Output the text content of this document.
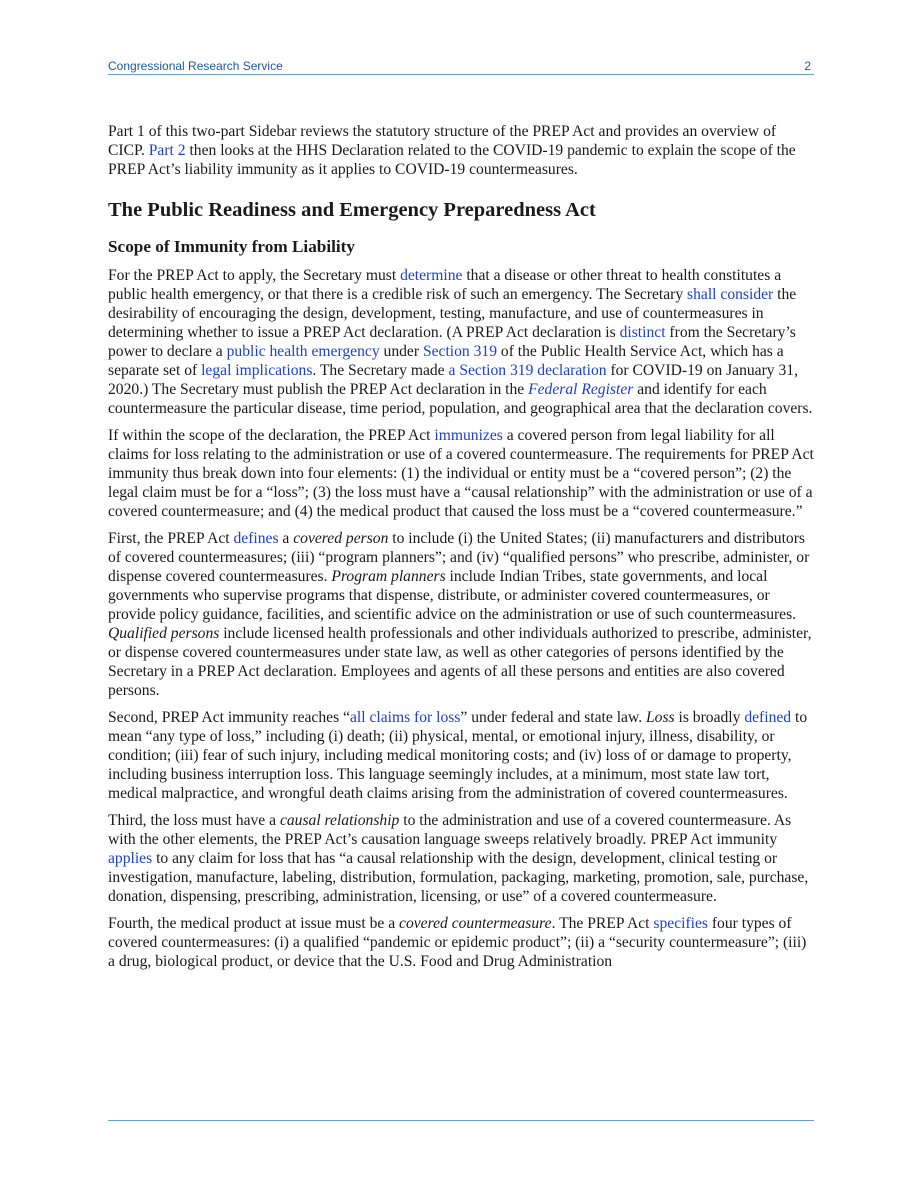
Congressional Research Service	2

Part 1 of this two-part Sidebar reviews the statutory structure of the PREP Act and provides an overview of CICP. Part 2 then looks at the HHS Declaration related to the COVID-19 pandemic to explain the scope of the PREP Act’s liability immunity as it applies to COVID-19 countermeasures.

The Public Readiness and Emergency Preparedness Act
Scope of Immunity from Liability

For the PREP Act to apply, the Secretary must determine that a disease or other threat to health constitutes a public health emergency, or that there is a credible risk of such an emergency. The Secretary shall consider the desirability of encouraging the design, development, testing, manufacture, and use of countermeasures in determining whether to issue a PREP Act declaration. (A PREP Act declaration is distinct from the Secretary’s power to declare a public health emergency under Section 319 of the Public Health Service Act, which has a separate set of legal implications. The Secretary made a Section 319 declaration for COVID-19 on January 31, 2020.) The Secretary must publish the PREP Act declaration in the Federal Register and identify for each countermeasure the particular disease, time period, population, and geographical area that the declaration covers.

If within the scope of the declaration, the PREP Act immunizes a covered person from legal liability for all claims for loss relating to the administration or use of a covered countermeasure. The requirements for PREP Act immunity thus break down into four elements: (1) the individual or entity must be a “covered person”; (2) the legal claim must be for a “loss”; (3) the loss must have a “causal relationship” with the administration or use of a covered countermeasure; and (4) the medical product that caused the loss must be a “covered countermeasure.”

First, the PREP Act defines a covered person to include (i) the United States; (ii) manufacturers and distributors of covered countermeasures; (iii) “program planners”; and (iv) “qualified persons” who prescribe, administer, or dispense covered countermeasures. Program planners include Indian Tribes, state governments, and local governments who supervise programs that dispense, distribute, or administer covered countermeasures, or provide policy guidance, facilities, and scientific advice on the administration or use of such countermeasures. Qualified persons include licensed health professionals and other individuals authorized to prescribe, administer, or dispense covered countermeasures under state law, as well as other categories of persons identified by the Secretary in a PREP Act declaration. Employees and agents of all these persons and entities are also covered persons.

Second, PREP Act immunity reaches “all claims for loss” under federal and state law. Loss is broadly defined to mean “any type of loss,” including (i) death; (ii) physical, mental, or emotional injury, illness, disability, or condition; (iii) fear of such injury, including medical monitoring costs; and (iv) loss of or damage to property, including business interruption loss. This language seemingly includes, at a minimum, most state law tort, medical malpractice, and wrongful death claims arising from the administration of covered countermeasures.

Third, the loss must have a causal relationship to the administration and use of a covered countermeasure. As with the other elements, the PREP Act’s causation language sweeps relatively broadly. PREP Act immunity applies to any claim for loss that has “a causal relationship with the design, development, clinical testing or investigation, manufacture, labeling, distribution, formulation, packaging, marketing, promotion, sale, purchase, donation, dispensing, prescribing, administration, licensing, or use” of a covered countermeasure.

Fourth, the medical product at issue must be a covered countermeasure. The PREP Act specifies four types of covered countermeasures: (i) a qualified “pandemic or epidemic product”; (ii) a “security countermeasure”; (iii) a drug, biological product, or device that the U.S. Food and Drug Administration
